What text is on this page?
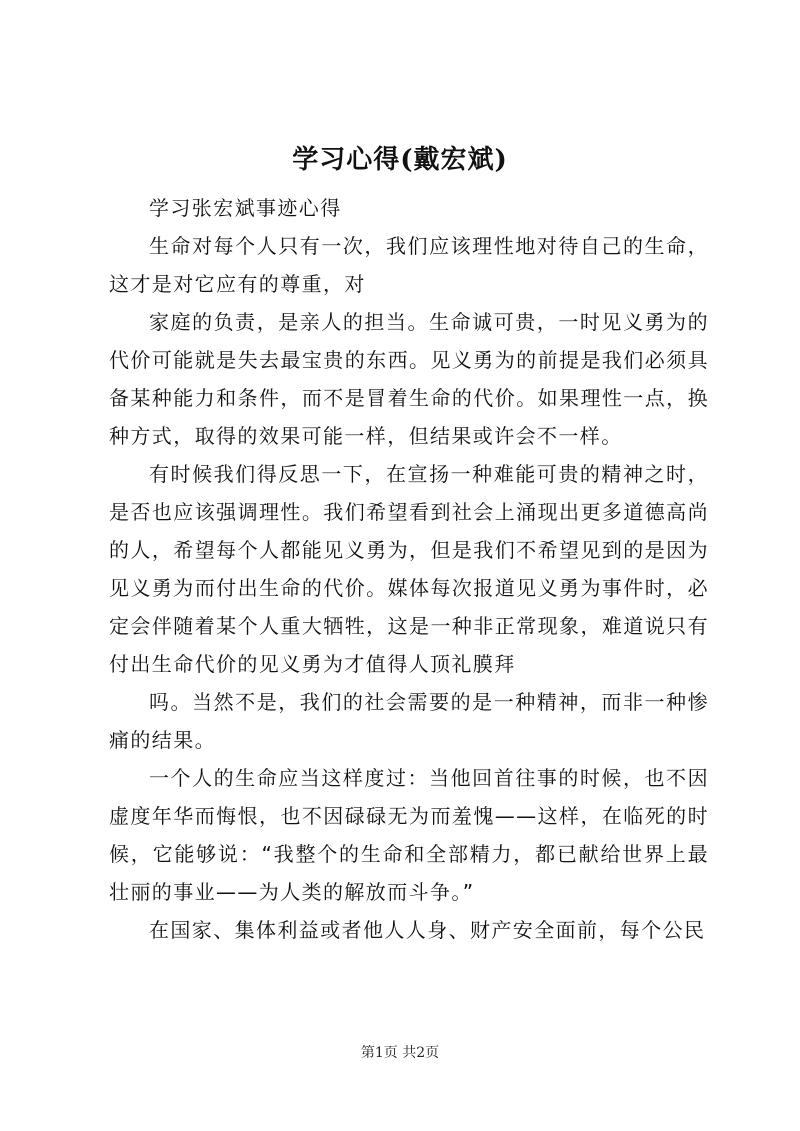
学习心得(戴宏斌)

学习张宏斌事迹心得

生命对每个人只有一次，我们应该理性地对待自己的生命，这才是对它应有的尊重，对

家庭的负责，是亲人的担当。生命诚可贵，一时见义勇为的代价可能就是失去最宝贵的东西。见义勇为的前提是我们必须具备某种能力和条件，而不是冒着生命的代价。如果理性一点，换种方式，取得的效果可能一样，但结果或许会不一样。

有时候我们得反思一下，在宣扬一种难能可贵的精神之时，是否也应该强调理性。我们希望看到社会上涌现出更多道德高尚的人，希望每个人都能见义勇为，但是我们不希望见到的是因为见义勇为而付出生命的代价。媒体每次报道见义勇为事件时，必定会伴随着某个人重大牺牲，这是一种非正常现象，难道说只有付出生命代价的见义勇为才值得人顶礼膜拜

吗。当然不是，我们的社会需要的是一种精神，而非一种惨痛的结果。

一个人的生命应当这样度过：当他回首往事的时候，也不因虚度年华而悔恨，也不因碌碌无为而羞愧——这样，在临死的时候，它能够说：“我整个的生命和全部精力，都已献给世界上最壮丽的事业——为人类的解放而斗争。”

在国家、集体利益或者他人人身、财产安全面前，每个公民

第1页 共2页
